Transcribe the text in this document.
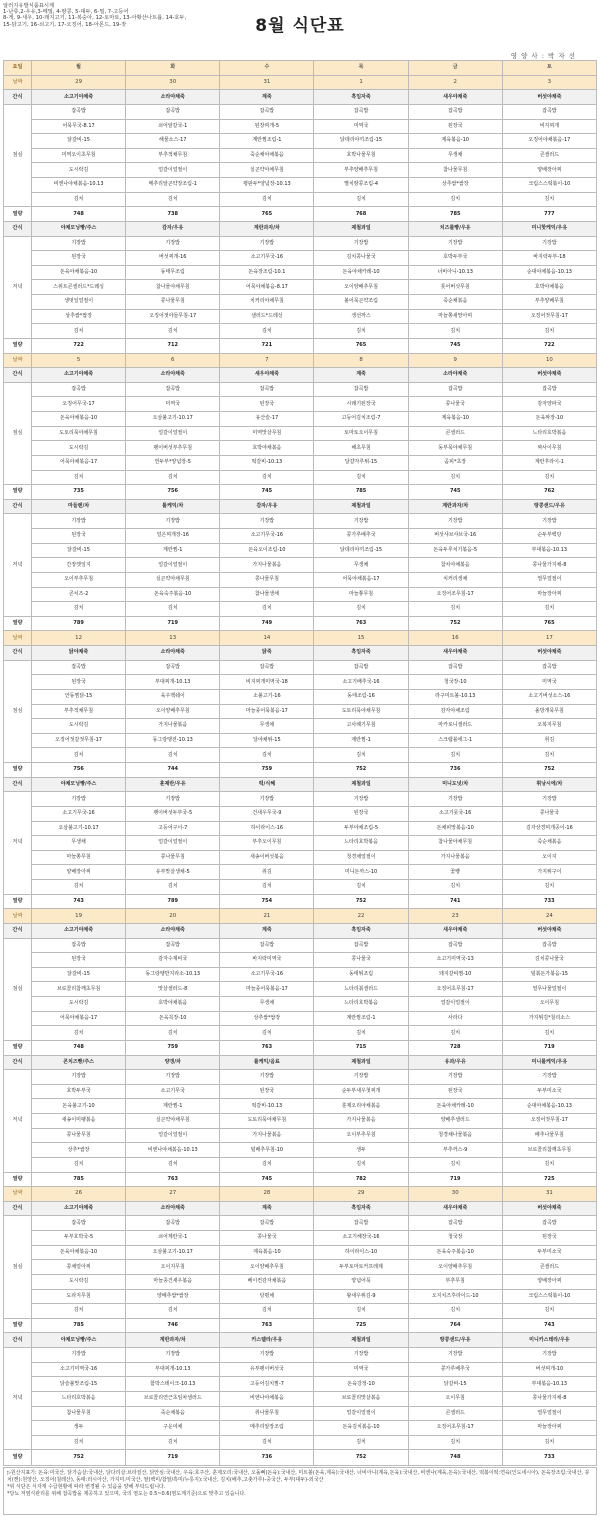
알러지유발식품표시제
1-난류,2-우유,3-메밀, 4-땅콩, 5-대두, 6-밀, 7-고등어
8-게, 9-새우, 10-돼지고기, 11-복숭아, 12-토마토, 13-아황산나트륨, 14-호두,
15-닭고기, 16-쇠고기, 17-오징어, 18-아몬드, 19-잣	8월 식단표
영 양 사 : 박 자 선
요일	월	화	수	목	금	토
날짜	29	30	31	1	2	3
간식	소고기야채죽	소라야채죽	계죽	흑임자죽	새우야채죽	버섯야채죽
점심	잡곡밥	잡곡밥	잡곡밥	잡곡밥	잡곡밥	잡곡밥
	어묵무국-8.17	쇠어알갈국-1	된장찌개-5	미역국	된장국	비지찌개
	닭갈비-15	해물소스-17	계란찜조림-1	닭데리야끼조림-15	제육볶음-10	오징어야채볶음-17
	미역오이초무침	부추적채무침	죽순채야채볶음	호박나물무침	무생채	콘샐러드
	도시락김	얼갈이얼절이	실곤약야채무침	부추양배추무침	참나물무침	양배장아찌
	비엔나야채볶음-10.13	메추리알곤약장조림-1	평판두*양념장-10.13	멸치땅콩조림-4	상추쌈*쌈장	크림스스떡볶이-10
	김치	김치	김치	김치	김치	김치
열량	748	738	765	768	785	777
간식	야채모닝빵/주스	감자/우유	계란과자/차	제철과일	치즈롤빵/우유	미니핫케익/우유
저녁	기장밥	기장밥	기장밥	기장밥	기장밥	기장밥
	된장국	버섯찌개-16	소고기무국-16	김치콩나물국	호박두부국	바지락두부-18
	돈육야채볶음-10	동태무조림	돈육장조림-10.1	돈육야채카레-10	너비아니-10.13	순대야채볶음-10.13
	스위트콘샐러드*드레싱	참나물야채무침	어묵야채볶음-8.17	오이양배추무침	톳어버섯무침	호박야채볶음
	생멋일얼절이	콩나물무침	치커리야채무침	볼어묵곤약조림	죽순채볶음	부추양배무침
	상추쌈*쌈장	오징어젓야들무침-17	샐러드*드레싱	생선까스	마늘쫑새망아찌	오징어젓무침-17
	김치	김치	김치	김치	김치	김치
열량	722	712	721	765	745	722
날짜	5	6	7	8	9	10
간식	소고기야채죽	소라야채죽	새우야채죽	계죽	소라야채죽	버섯야채죽
점심	잡곡밥	잡곡밥	잡곡밥	잡곡밥	잡곡밥	잡곡밥
	오징어무국-17	미역국	된장국	시래기된장국	콩나물국	감자양파국
	돈육야채볶음-10	오삼불고기-10.17	유산슬-17	고등어김치조림-7	제육볶음-10	돈육짜장-10
	도토리묵야채무침	얼갈이얼절이	미역맛살무침	토마토오이무침	콘샐러드	느타리호박볶음
	도시락김	팽이버섯부추무침	호박야채볶음	해초무침	동부묵야채무침	짜사이무침
	어묵야채볶음-17	연두부*양념장-5	떡갈비-10.13	달걀자루튀-15	곰피*초장	계란후라이-1
	김치	김치	김치	김치	김치	김치
열량	735	756	745	785	745	762
간식	마들렌/차	롤케익/차	감자/우유	제철과일	계란과자/차	땅콩샌드/우유
저녁	기장밥	기장밥	기장밥	기장밥	기장밥	기장밥
	된장국	얼은찌개장-16	소고기무국-16	콩가루배추국	버섯샤브샤브국-16	순두부백탕
	닭갈비-15	계란찜-1	돈육오이조림-10	닭데리야끼조림-15	돈육두루치기볶음-5	부대볶음-10.13
	간장깻잎지	얼갈이얼절이	가지나물볶음	무생채	참치야채볶음	콩나물가지채-8
	오이부추무침	실곤약야채무침	콩나물무침	어묵야채볶음-17	치커리생채	열무얼절이
	콘치즈-2	돈육숙주볶음-10	참나물생채	마늘쫑무침	오징어조무침-17	마늘장아찌
	김치	김치	김치	김치	김치	김치
열량	789	719	749	763	752	765
날짜	12	13	14	15	16	17
간식	닭야채죽	소라야채죽	닭죽	흑임자죽	새우야채죽	버섯야채죽
점심	잡곡밥	잡곡밥	잡곡밥	잡곡밥	잡곡밥	잡곡밥
	된장국	부대찌개-10.13	비지찌개미역국-18	소고기배추국-16	청국장-10	미역국
	안동찜닭-15	육우맥쉐이	소불고기-16	동태조림-16	라구미트볼-10.13	소고기버섯소스-16
	부추적채무침	오이양배추무침	마늘종어묵볶음-17	도토리묵야채무침	감자야채조림	올방개묵무침
	도시락김	가지나물볶음	무생채	고사례기무침	마카로니샐러드	오복지무침
	오징어젓갈젓무침-17	동그랑땡전-10.13	달야채튀-15	계란찜-1	스크램블에그-1	취김
	김치	김치	김치	김치	김치	김치
열량	756	744	759	752	736	752
간식	야채모닝빵/주스	훈제란/우유	떡/식혜	제철과일	미니도넛/차	휘낭시에/차
저녁	기장밥	기장밥	기장밥	기장밥	기장밥	기장밥
	소고기무국-16	팽이버섯두부국-5	건새우무국-9	된장국	소고기뭇국-16	콩나물국
	오삼불고기-10.17	고등어구이-7	하이라이스-16	두부야채조림-5	돈채피망볶음-10	김자상경찌개공이-16
	무생채	얼갈이얼절이	부추오이무침	느타리호박볶음	참나물야채무침	죽순채볶음
	마늘쫑무침	콩나물무침	새송이버섯볶음	청경채얼절이	가지나물볶음	오이지
	양배장아찌	유부맛살생채-5	취김	미니돈까스-10	꽃빵	가지튀구이
	김치	김치	김치	김치	김치	김치
열량	743	789	754	752	741	733
날짜	19	20	21	22	23	24
간식	소고기야채죽	소라야채죽	계죽	흑임자죽	새우야채죽	버섯야채죽
점심	잡곡밥	잡곡밥	잡곡밥	잡곡밥	잡곡밥	잡곡밥
	된장국	감자수제비국	바지락미역국	콩나물국	소고기미역국-13	김치콩나물국
	닭갈비-15	동그랑땡반지라소-10.13	소고기무국-16	동태튀조림	돼지갈비찜-10	털볶돈가볶음-15
	브로콜리참깨초무침	맛살샐러드-8	마늘종어묵볶음-17	느타리볶샐러드	오징어초무침-17	열무나물얼절이
	도시락김	호박야채볶음	무생채	느타리호박볶음	얼갈이얼절이	오이무침
	어묵야채볶음-17	돈육꼭장-10	상추쌈*쌈장	계란찜조림-1	사라다	가지튀김*칠리소스
	김치	김치	김치	김치	김치	김치
열량	748	759	763	715	728	719
간식	콘치즈빵/주스	양갱/차	롤케익/음료	제철과일	유과/우유	미니롤케익/우유
저녁	기장밥	기장밥	기장밥	기장밥	기장밥	기장밥
	호박두부국	소고기무국	된장국	순두부새우첫찌개	된장국	두부미소국
	돈육불고기-10	계란찜-1	떡갈비-10.13	훈제오리야채볶음	돈육야채카레-10	순대야채볶음-10.13
	새송이미팽볶음	실곤약야채무침	도토리묵야채무침	가지나물볶음	양배추샐러드	오징어젓무침-17
	콩나물무침	얼갈이얼절이	가지나물볶음	오이부추무침	청경채나물볶음	배추나물무침
	상추*쌈장	비엔나야채볶음-10.13	털배추무침-10	생두	부추까스-9	브로콜리참깨초무침
	김치	김치	김치	김치	김치	김치
열량	785	763	745	782	719	725
날짜	26	27	28	29	30	31
간식	소고기야채죽	소라야채죽	계죽	흑임자죽	새우야채죽	버섯야채죽
점심	잡곡밥	잡곡밥	잡곡밥	잡곡밥	잡곡밥	잡곡밥
	두부호박국-5	쇠어계란국-1	콩나물국	소고기해장국-16	청국장	된장국
	돈육야채볶음-10	오삼불고기-10.17	제육볶음-10	하이라이스-10	돈육숙주볶음-10	두부미소국
	콩채얼아찌	오이지무침	오이양배추무침	두부토마토카프레제	오이양배추무침	콘샐러드
	도시락김	마늘종건새우볶음	베이컨감자채볶음	양념어묵	부추무침	양배장아찌
	도라지무침	양배추쌈*쌈장	탕평채	왕새우튀김-9	오지치즈후라이드-10	크림스스떡볶이-10
	김치	김치	김치	김치	김치	김치
열량	785	746	763	725	764	743
간식	야채모닝빵/주스	계란과자/차	카스텔라/우유	제철과일	땅콩샌드/우유	미니카스테라/우유
저녁	기장밥	기장밥	기장밥	기장밥	기장밥	기장밥
	소고기미역국-16	부대찌개-10.13	유부팽이버섯국	미역국	콩가루배추국	버섯찌개-10
	닭슬불맛조림-15	함박스테이크-10.13	고등어김치찜-7	돈육강정-10	닭갈비-15	부대볶음-10.13
	느타리호박볶음	브로콜리연근초임차샐러드	비엔나야채볶음	브로콜리맛살볶음	오이무침	콩나물가지채-8
	참나물무침	죽순채볶음	취나물무침	얼갈이얼절이	콘샐러드	열무얼절이
	생두	구운여채	메추리알장조림	돈육김치볶음-10	오징어초무침-17	마늘장아찌
	김치	김치	김치	김치	김치	김치
열량	752	719	736	752	748	733

▷원산지표기: 돈육:미국산, 닭가슴살:국내산, 닭다리살:브라질산, 닭안심:국내산, 우육:호주산, 훈제오리:국내산, 오돌뼈(돈육):국내산, 미트볼(돈육,계육):국내산, 너비아니(계육,돈육):국내산, 비엔나(계육,돈육):국내산, 떡볶이떡:연육(인도네시아), 돈육장조림:국내산, 꽁치(캔):원양산, 오징어(칠레산), 동태:러시아산, 가지미:미국산, 쌀(백미/찹쌀/흑미/누룽지):국내산, 김치(배추,고춧가루)-중국산, 두부(대두)-외국산

*위 식단은 식자재 수급현황에 따라 변경될 수 있음을 양해 부탁드립니다.

*당뇨 저염식관리를 위해 잡곡밥을 제공하고 있으며, 국의 염도는 0.5~0.6(염도계기준)으로 맞추고 있습니다.
